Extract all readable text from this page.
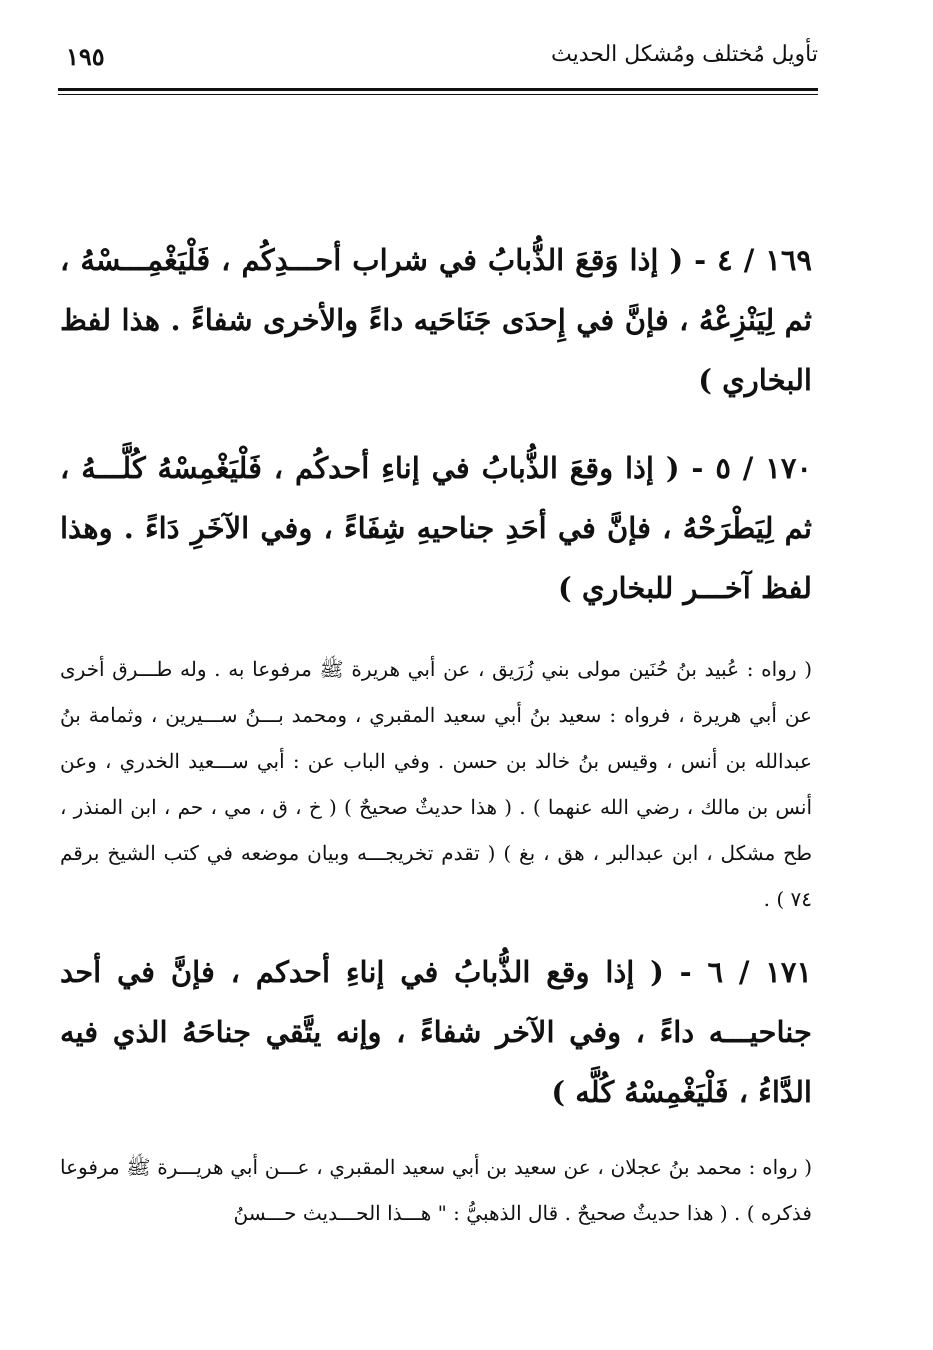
١٩٥	تأويل مُختلف ومُشكل الحديث

١٦٩ / ٤ - ( إذا وَقعَ الذُّبابُ في شراب أحـــدِكُم ، فَلْيَغْمِـــسْهُ ، ثم لِيَنْزِعْهُ ، فإنَّ في إِحدَى جَنَاحَيه داءً والأخرى شفاءً . هذا لفظ البخاري )

١٧٠ / ٥ - ( إذا وقعَ الذُّبابُ في إناءِ أحدكُم ، فَلْيَغْمِسْهُ كُلَّـــهُ ، ثم لِيَطْرَحْهُ ، فإنَّ في أحَدِ جناحيهِ شِفَاءً ، وفي الآخَرِ دَاءً . وهذا لفظ آخـــر للبخاري )

( رواه : عُبيد بنُ حُنَين مولى بني زُرَيق ، عن أبي هريرة ﷺ مرفوعا به . وله طـــرق أخرى عن أبي هريرة ، فرواه : سعيد بنُ أبي سعيد المقبري ، ومحمد بـــنُ ســـيرين ، وثمامة بنُ عبدالله بن أنس ، وقيس بنُ خالد بن حسن . وفي الباب عن : أبي ســـعيد الخدري ، وعن أنس بن مالك ، رضي الله عنهما ) . ( هذا حديثٌ صحيحٌ ) ( خ ، ق ، مي ، حم ، ابن المنذر ، طح مشكل ، ابن عبدالبر ، هق ، بغ ) ( تقدم تخريجـــه وبيان موضعه في كتب الشيخ برقم ٧٤ ) .

١٧١ / ٦ - ( إذا وقع الذُّبابُ في إناءِ أحدكم ، فإنَّ في أحد جناحيـــه داءً ، وفي الآخر شفاءً ، وإنه يتَّقي جناحَهُ الذي فيه الدَّاءُ ، فَلْيَغْمِسْهُ كُلَّه )

( رواه : محمد بنُ عجلان ، عن سعيد بن أبي سعيد المقبري ، عـــن أبي هريـــرة ﷺ مرفوعا فذكره ) . ( هذا حديثٌ صحيحٌ . قال الذهبيُّ : " هـــذا الحـــديث حـــسنُ
